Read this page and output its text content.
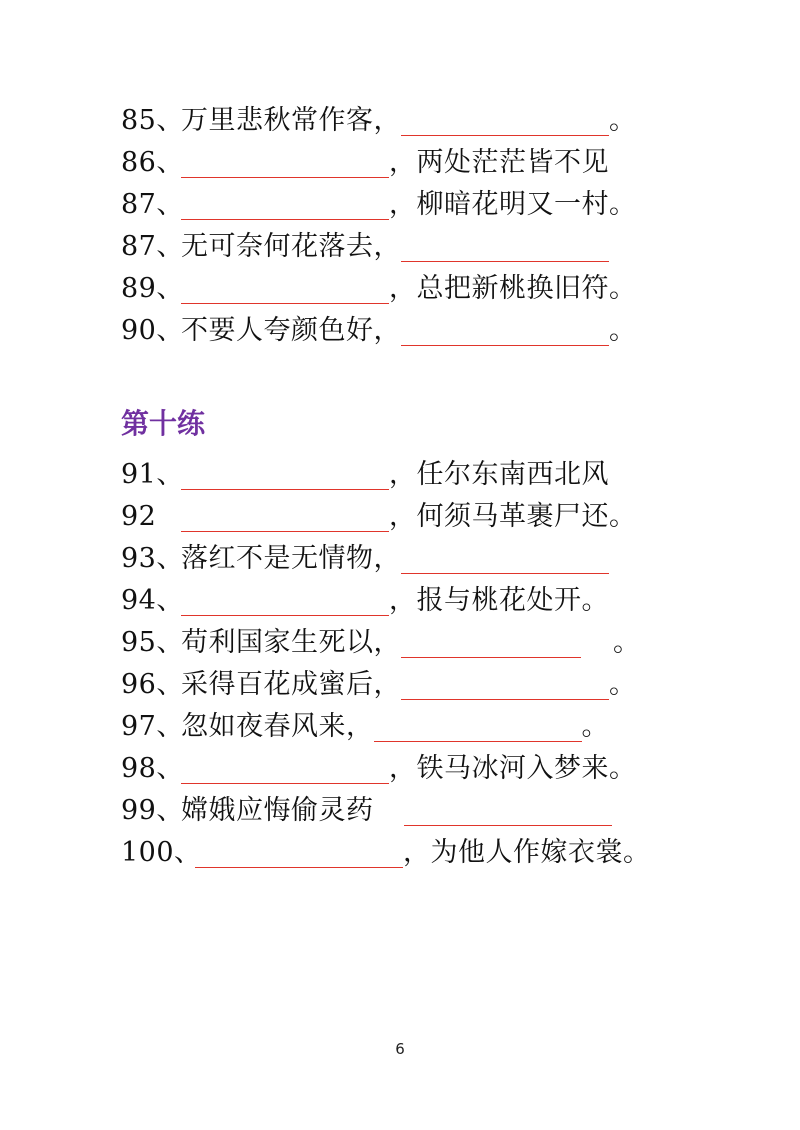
85、万里悲秋常作客，	。
86、	，两处茫茫皆不见
87、	，柳暗花明又一村。
87、无可奈何花落去，
89、	，总把新桃换旧符。
90、不要人夸颜色好，	。
第十练
91、	，任尔东南西北风
92	，何须马革裹尸还。
93、落红不是无情物，
94、	，报与桃花处开。
95、苟利国家生死以，	。
96、采得百花成蜜后，	。
97、忽如夜春风来，	。
98、	，铁马冰河入梦来。
99、嫦娥应悔偷灵药
100、	，为他人作嫁衣裳。
6
